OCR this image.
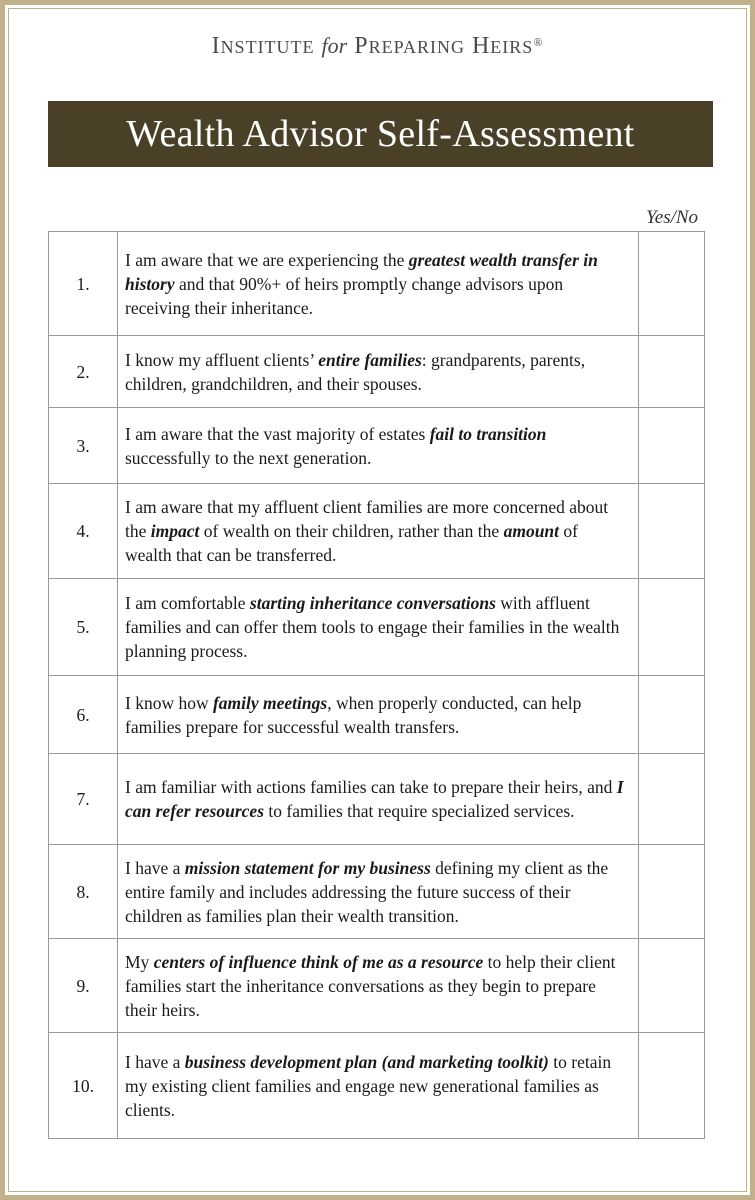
INSTITUTE for PREPARING HEIRS®
Wealth Advisor Self-Assessment
Yes/No
1.	I am aware that we are experiencing the greatest wealth transfer in history and that 90%+ of heirs promptly change advisors upon receiving their inheritance.	
2.	I know my affluent clients’ entire families: grandparents, parents, children, grandchildren, and their spouses.	
3.	I am aware that the vast majority of estates fail to transition successfully to the next generation.	
4.	I am aware that my affluent client families are more concerned about the impact of wealth on their children, rather than the amount of wealth that can be transferred.	
5.	I am comfortable starting inheritance conversations with affluent families and can offer them tools to engage their families in the wealth planning process.	
6.	I know how family meetings, when properly conducted, can help families prepare for successful wealth transfers.	
7.	I am familiar with actions families can take to prepare their heirs, and I can refer resources to families that require specialized services.	
8.	I have a mission statement for my business defining my client as the entire family and includes addressing the future success of their children as families plan their wealth transition.	
9.	My centers of influence think of me as a resource to help their client families start the inheritance conversations as they begin to prepare their heirs.	
10.	I have a business development plan (and marketing toolkit) to retain my existing client families and engage new generational families as clients.	
